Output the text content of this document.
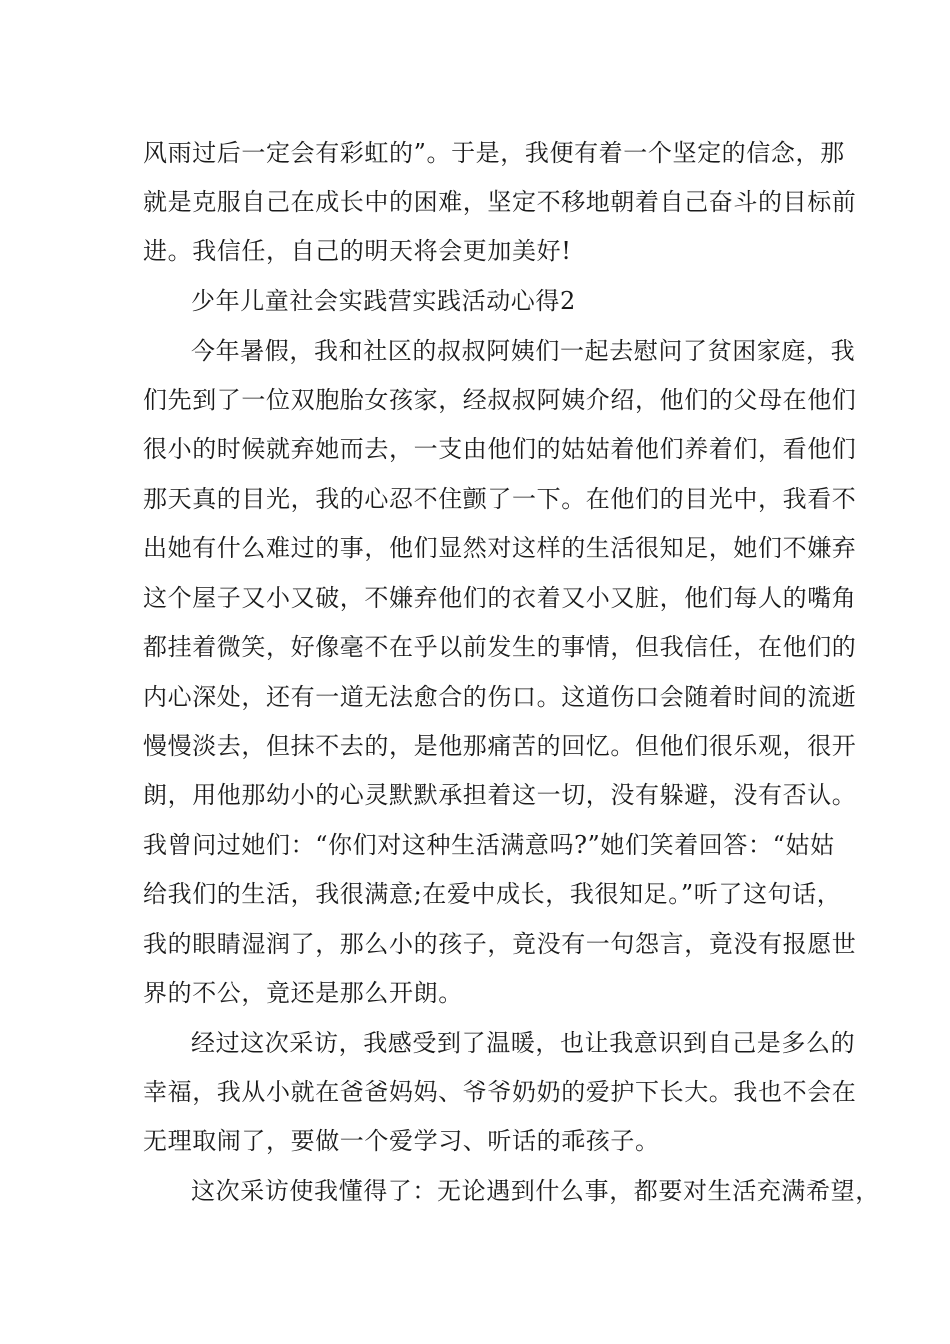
风雨过后一定会有彩虹的”。于是，我便有着一个坚定的信念，那
就是克服自己在成长中的困难，坚定不移地朝着自己奋斗的目标前
进。我信任，自己的明天将会更加美好!
少年儿童社会实践营实践活动心得2
今年暑假，我和社区的叔叔阿姨们一起去慰问了贫困家庭，我
们先到了一位双胞胎女孩家，经叔叔阿姨介绍，他们的父母在他们
很小的时候就弃她而去，一支由他们的姑姑着他们养着们，看他们
那天真的目光，我的心忍不住颤了一下。在他们的目光中，我看不
出她有什么难过的事，他们显然对这样的生活很知足，她们不嫌弃
这个屋子又小又破，不嫌弃他们的衣着又小又脏，他们每人的嘴角
都挂着微笑，好像毫不在乎以前发生的事情，但我信任，在他们的
内心深处，还有一道无法愈合的伤口。这道伤口会随着时间的流逝
慢慢淡去，但抹不去的，是他那痛苦的回忆。但他们很乐观，很开
朗，用他那幼小的心灵默默承担着这一切，没有躲避，没有否认。
我曾问过她们：“你们对这种生活满意吗?”她们笑着回答：“姑姑
给我们的生活，我很满意;在爱中成长，我很知足。”听了这句话，
我的眼睛湿润了，那么小的孩子，竟没有一句怨言，竟没有报愿世
界的不公，竟还是那么开朗。
经过这次采访，我感受到了温暖，也让我意识到自己是多么的
幸福，我从小就在爸爸妈妈、爷爷奶奶的爱护下长大。我也不会在
无理取闹了，要做一个爱学习、听话的乖孩子。
这次采访使我懂得了：无论遇到什么事，都要对生活充满希望，
